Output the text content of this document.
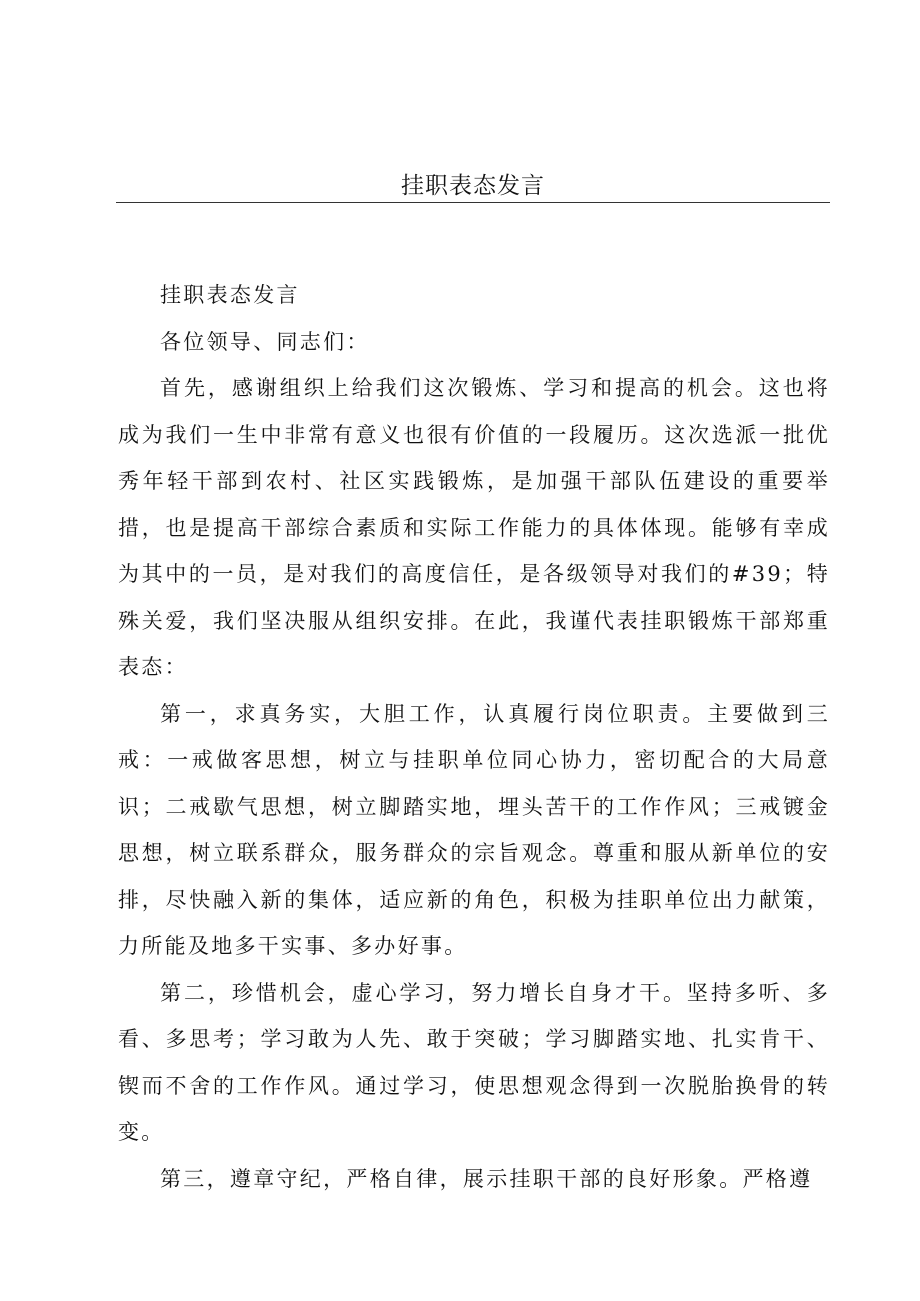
挂职表态发言

挂职表态发言

各位领导、同志们：

首先，感谢组织上给我们这次锻炼、学习和提高的机会。这也将成为我们一生中非常有意义也很有价值的一段履历。这次选派一批优秀年轻干部到农村、社区实践锻炼，是加强干部队伍建设的重要举措，也是提高干部综合素质和实际工作能力的具体体现。能够有幸成为其中的一员，是对我们的高度信任，是各级领导对我们的#39；特殊关爱，我们坚决服从组织安排。在此，我谨代表挂职锻炼干部郑重表态：

第一，求真务实，大胆工作，认真履行岗位职责。主要做到三戒：一戒做客思想，树立与挂职单位同心协力，密切配合的大局意识；二戒歇气思想，树立脚踏实地，埋头苦干的工作作风；三戒镀金思想，树立联系群众，服务群众的宗旨观念。尊重和服从新单位的安排，尽快融入新的集体，适应新的角色，积极为挂职单位出力献策，力所能及地多干实事、多办好事。

第二，珍惜机会，虚心学习，努力增长自身才干。坚持多听、多看、多思考；学习敢为人先、敢于突破；学习脚踏实地、扎实肯干、锲而不舍的工作作风。通过学习，使思想观念得到一次脱胎换骨的转变。

第三，遵章守纪，严格自律，展示挂职干部的良好形象。严格遵
